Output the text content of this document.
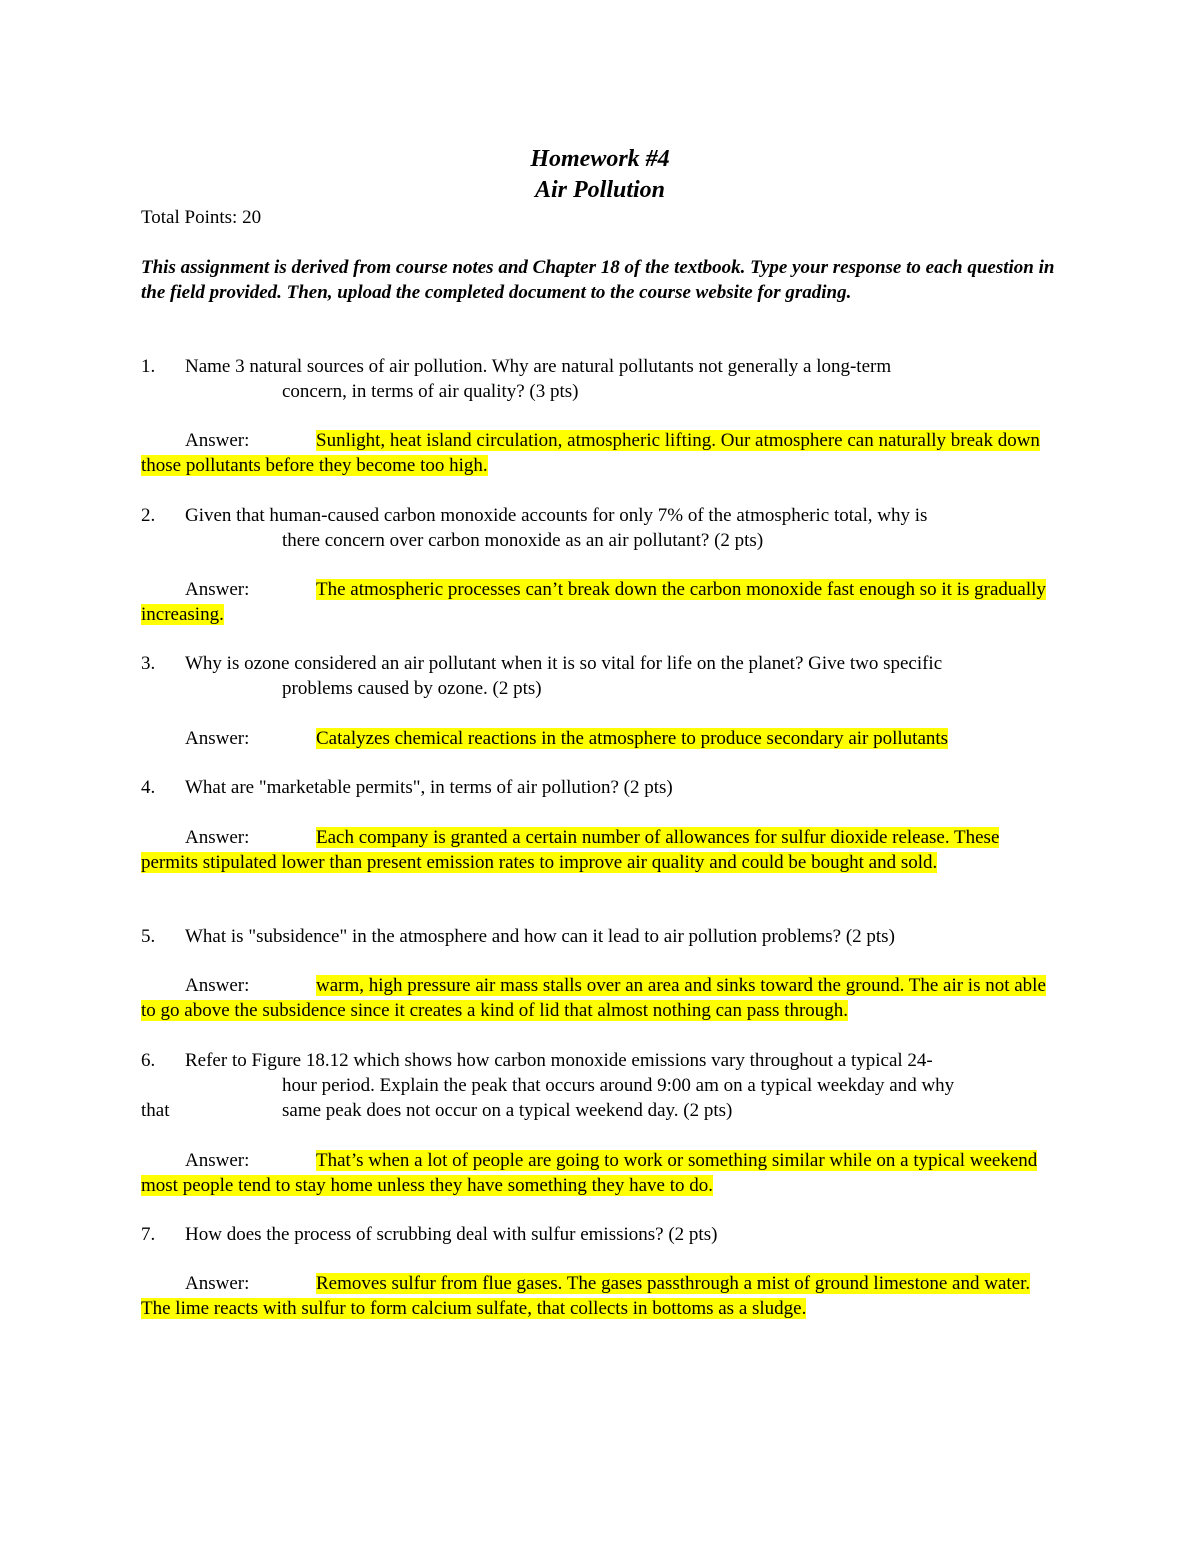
Homework #4
Air Pollution
Total Points: 20
This assignment is derived from course notes and Chapter 18 of the textbook. Type your response to each question in the field provided. Then, upload the completed document to the course website for grading.
1. Name 3 natural sources of air pollution. Why are natural pollutants not generally a long-term
concern, in terms of air quality? (3 pts)
Answer:	Sunlight, heat island circulation, atmospheric lifting. Our atmosphere can naturally break down those pollutants before they become too high.

2. Given that human-caused carbon monoxide accounts for only 7% of the atmospheric total, why is
there concern over carbon monoxide as an air pollutant? (2 pts)
Answer:	The atmospheric processes can’t break down the carbon monoxide fast enough so it is gradually increasing.

3. Why is ozone considered an air pollutant when it is so vital for life on the planet? Give two specific
problems caused by ozone. (2 pts)
Answer:	Catalyzes chemical reactions in the atmosphere to produce secondary air pollutants

4. What are "marketable permits", in terms of air pollution? (2 pts)
Answer:	Each company is granted a certain number of allowances for sulfur dioxide release. These permits stipulated lower than present emission rates to improve air quality and could be bought and sold.

5. What is "subsidence" in the atmosphere and how can it lead to air pollution problems? (2 pts)
Answer:	warm, high pressure air mass stalls over an area and sinks toward the ground. The air is not able to go above the subsidence since it creates a kind of lid that almost nothing can pass through.

6. Refer to Figure 18.12 which shows how carbon monoxide emissions vary throughout a typical 24-
hour period. Explain the peak that occurs around 9:00 am on a typical weekday and why
that	same peak does not occur on a typical weekend day. (2 pts)
Answer:	That’s when a lot of people are going to work or something similar while on a typical weekend most people tend to stay home unless they have something they have to do.

7. How does the process of scrubbing deal with sulfur emissions? (2 pts)
Answer:	Removes sulfur from flue gases. The gases passthrough a mist of ground limestone and water. The lime reacts with sulfur to form calcium sulfate, that collects in bottoms as a sludge.
